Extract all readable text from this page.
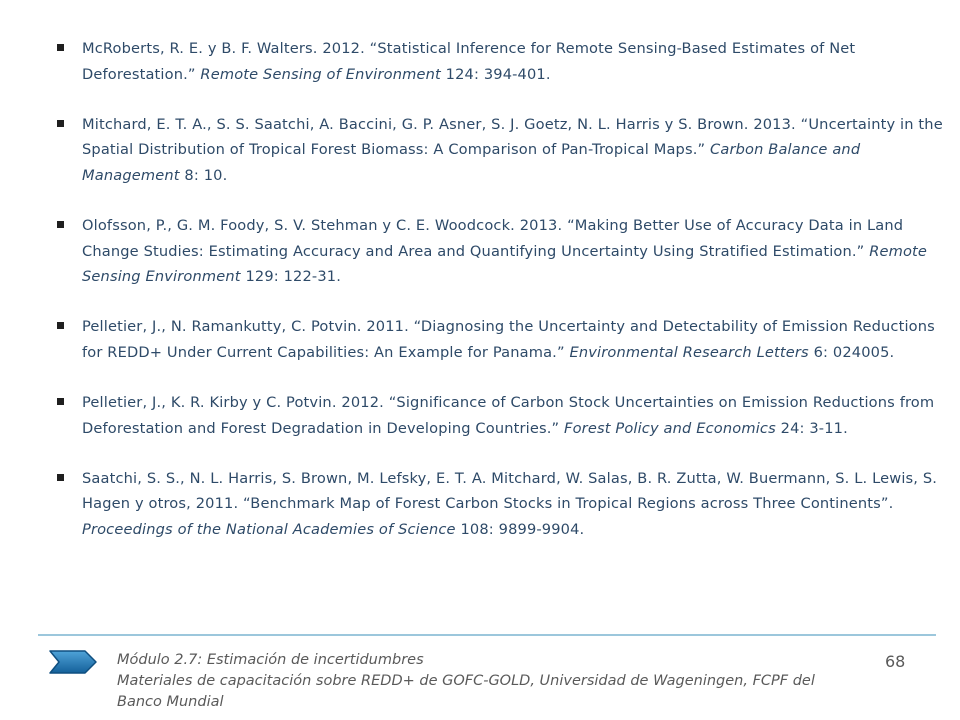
McRoberts, R. E. y B. F. Walters. 2012. “Statistical Inference for Remote Sensing-Based Estimates of Net Deforestation.” Remote Sensing of Environment 124: 394-401.
Mitchard, E. T. A., S. S. Saatchi, A. Baccini, G. P. Asner, S. J. Goetz, N. L. Harris y S. Brown. 2013. “Uncertainty in the Spatial Distribution of Tropical Forest Biomass: A Comparison of Pan-Tropical Maps.” Carbon Balance and Management 8: 10.
Olofsson, P., G. M. Foody, S. V. Stehman y C. E. Woodcock. 2013. “Making Better Use of Accuracy Data in Land Change Studies: Estimating Accuracy and Area and Quantifying Uncertainty Using Stratified Estimation.” Remote Sensing Environment 129: 122-31.
Pelletier, J., N. Ramankutty, C. Potvin. 2011. “Diagnosing the Uncertainty and Detectability of Emission Reductions for REDD+ Under Current Capabilities: An Example for Panama.” Environmental Research Letters 6: 024005.
Pelletier, J., K. R. Kirby y C. Potvin. 2012. “Significance of Carbon Stock Uncertainties on Emission Reductions from Deforestation and Forest Degradation in Developing Countries.” Forest Policy and Economics 24: 3-11.
Saatchi, S. S., N. L. Harris, S. Brown, M. Lefsky, E. T. A. Mitchard, W. Salas, B. R. Zutta, W. Buermann, S. L. Lewis, S. Hagen y otros, 2011. “Benchmark Map of Forest Carbon Stocks in Tropical Regions across Three Continents”. Proceedings of the National Academies of Science 108: 9899-9904.
Módulo 2.7: Estimación de incertidumbres
Materiales de capacitación sobre REDD+ de GOFC-GOLD, Universidad de Wageningen, FCPF del Banco Mundial
68
